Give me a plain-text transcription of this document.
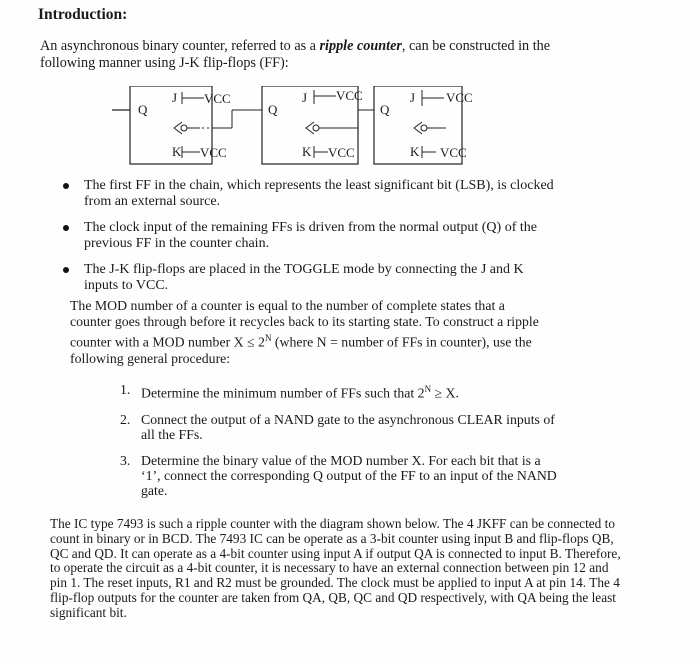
Introduction:
An asynchronous binary counter, referred to as a ripple counter, can be constructed in the following manner using J-K flip-flops (FF):
Q
J VCC
K VCC
Q
J VCC
K VCC
Q
J VCC
K VCC
The first FF in the chain, which represents the least significant bit (LSB), is clocked from an external source.
The clock input of the remaining FFs is driven from the normal output (Q) of the previous FF in the counter chain.
The J-K flip-flops are placed in the TOGGLE mode by connecting the J and K inputs to VCC.
The MOD number of a counter is equal to the number of complete states that a counter goes through before it recycles back to its starting state. To construct a ripple counter with a MOD number $X \le 2^N$ (where N = number of FFs in counter), use the following general procedure:
1. Determine the minimum number of FFs such that $2^N \ge X$.
2. Connect the output of a NAND gate to the asynchronous CLEAR inputs of all the FFs.
3. Determine the binary value of the MOD number X. For each bit that is a ‘1’, connect the corresponding Q output of the FF to an input of the NAND gate.
The IC type 7493 is such a ripple counter with the diagram shown below. The 4 JKFF can be connected to count in binary or in BCD. The 7493 IC can be operate as a 3-bit counter using input B and flip-flops QB, QC and QD. It can operate as a 4-bit counter using input A if output QA is connected to input B. Therefore, to operate the circuit as a 4-bit counter, it is necessary to have an external connection between pin 12 and pin 1. The reset inputs, R1 and R2 must be grounded. The clock must be applied to input A at pin 14. The 4 flip-flop outputs for the counter are taken from QA, QB, QC and QD respectively, with QA being the least significant bit.
